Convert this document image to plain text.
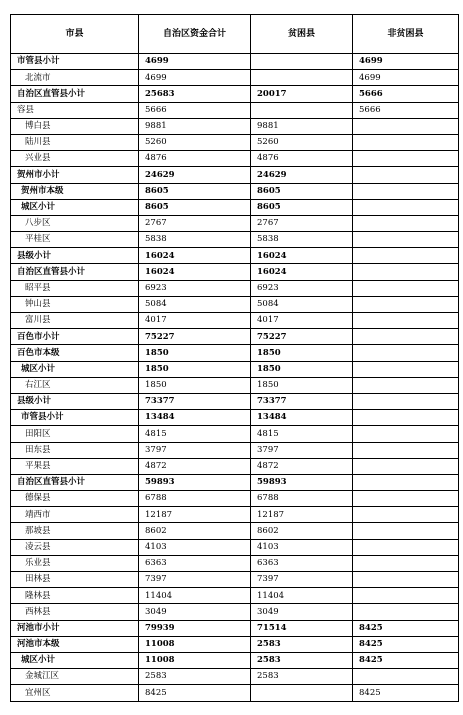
市县	自治区资金合计	贫困县	非贫困县
市管县小计	4699		4699
北流市	4699		4699
自治区直管县小计	25683	20017	5666
容县	5666		5666
博白县	9881	9881	
陆川县	5260	5260	
兴业县	4876	4876	
贺州市小计	24629	24629	
贺州市本级	8605	8605	
城区小计	8605	8605	
八步区	2767	2767	
平桂区	5838	5838	
县级小计	16024	16024	
自治区直管县小计	16024	16024	
昭平县	6923	6923	
钟山县	5084	5084	
富川县	4017	4017	
百色市小计	75227	75227	
百色市本级	1850	1850	
城区小计	1850	1850	
右江区	1850	1850	
县级小计	73377	73377	
市管县小计	13484	13484	
田阳区	4815	4815	
田东县	3797	3797	
平果县	4872	4872	
自治区直管县小计	59893	59893	
德保县	6788	6788	
靖西市	12187	12187	
那坡县	8602	8602	
凌云县	4103	4103	
乐业县	6363	6363	
田林县	7397	7397	
隆林县	11404	11404	
西林县	3049	3049	
河池市小计	79939	71514	8425
河池市本级	11008	2583	8425
城区小计	11008	2583	8425
金城江区	2583	2583	
宜州区	8425		8425
